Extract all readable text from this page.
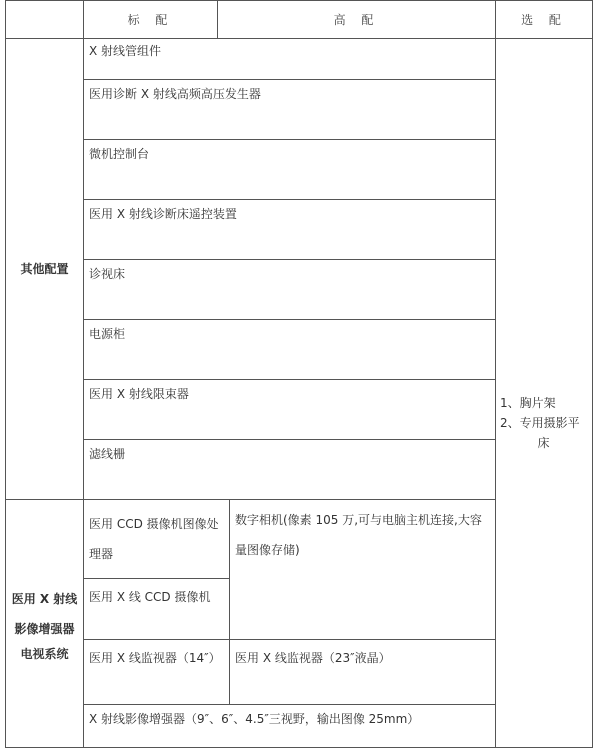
	标 配	高 配		选 配
其他配置	X 射线管组件			1、胸片架
2、专用摄影平
床

	医用诊断 X 射线高频高压发生器			
	微机控制台			
	医用 X 射线诊断床遥控装置			
	诊视床			
	电源柜			
	医用 X 射线限束器			
	滤线栅			

医用 X 射线
影像增强器
电视系统	医用 CCD 摄像机图像处理器		数字相机(像素 105 万,可与电脑主机连接,大容量图像存储)	
	医用 X 线 CCD 摄像机			
	医用 X 线监视器（14″）		医用 X 线监视器（23″液晶）	
	X 射线影像增强器（9″、6″、4.5″三视野，输出图像 25mm）			
